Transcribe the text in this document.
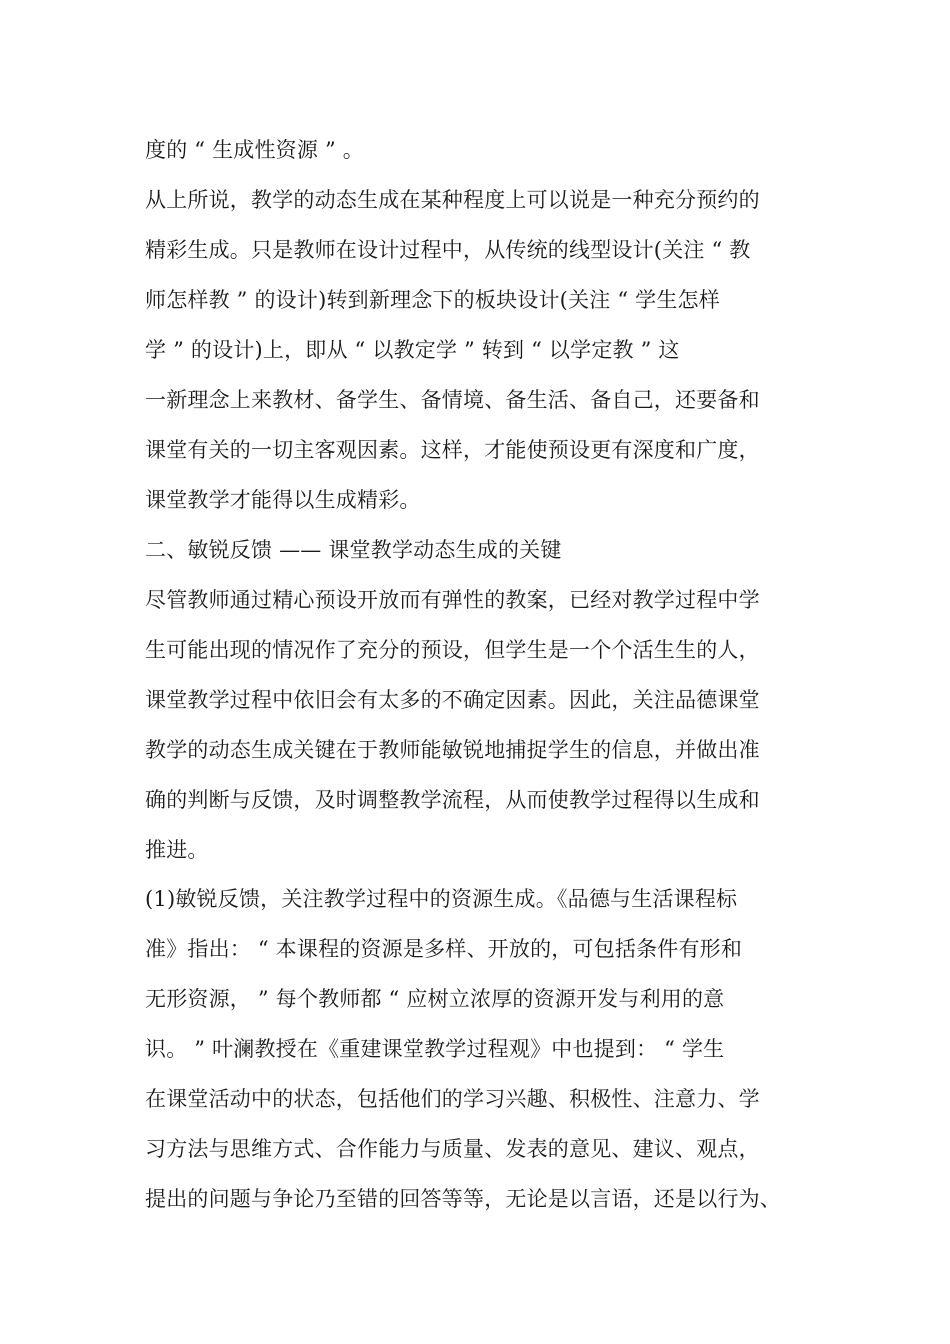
度的 “ 生成性资源 ” 。
从上所说，教学的动态生成在某种程度上可以说是一种充分预约的
精彩生成。只是教师在设计过程中，从传统的线型设计(关注 “ 教
师怎样教 ” 的设计)转到新理念下的板块设计(关注 “ 学生怎样
学 ” 的设计)上，即从 “ 以教定学 ” 转到 “ 以学定教 ” 这
一新理念上来教材、备学生、备情境、备生活、备自己，还要备和
课堂有关的一切主客观因素。这样，才能使预设更有深度和广度，
课堂教学才能得以生成精彩。
二、敏锐反馈 —— 课堂教学动态生成的关键
尽管教师通过精心预设开放而有弹性的教案，已经对教学过程中学
生可能出现的情况作了充分的预设，但学生是一个个活生生的人，
课堂教学过程中依旧会有太多的不确定因素。因此，关注品德课堂
教学的动态生成关键在于教师能敏锐地捕捉学生的信息，并做出准
确的判断与反馈，及时调整教学流程，从而使教学过程得以生成和
推进。
(1)敏锐反馈，关注教学过程中的资源生成。《品德与生活课程标
准》指出： “ 本课程的资源是多样、开放的，可包括条件有形和
无形资源， ” 每个教师都 “ 应树立浓厚的资源开发与利用的意
识。 ” 叶澜教授在《重建课堂教学过程观》中也提到： “ 学生
在课堂活动中的状态，包括他们的学习兴趣、积极性、注意力、学
习方法与思维方式、合作能力与质量、发表的意见、建议、观点，
提出的问题与争论乃至错的回答等等，无论是以言语，还是以行为、
